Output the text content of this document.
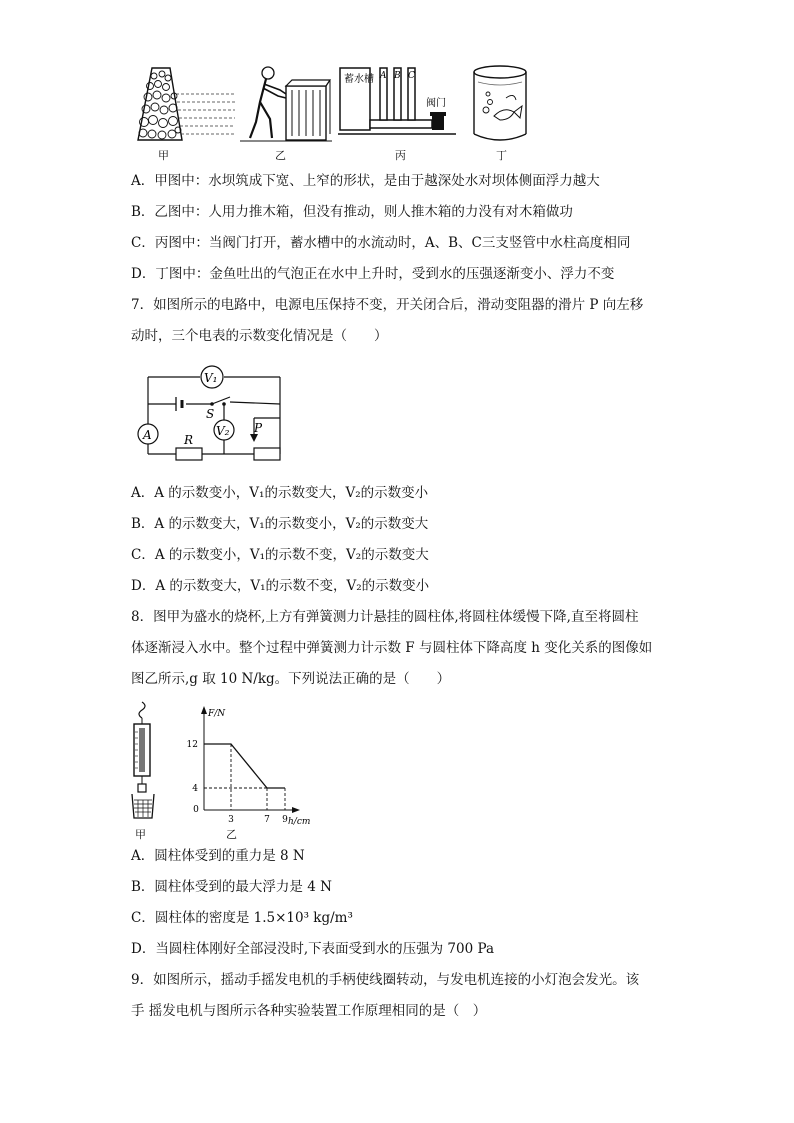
蓄水槽 A B C
阀门
甲	乙	丙	丁
A．甲图中：水坝筑成下宽、上窄的形状，是由于越深处水对坝体侧面浮力越大
B．乙图中：人用力推木箱，但没有推动，则人推木箱的力没有对木箱做功
C．丙图中：当阀门打开，蓄水槽中的水流动时，A、B、C三支竖管中水柱高度相同
D．丁图中：金鱼吐出的气泡正在水中上升时，受到水的压强逐渐变小、浮力不变
7．如图所示的电路中，电源电压保持不变，开关闭合后，滑动变阻器的滑片 P 向左移
动时，三个电表的示数变化情况是（　　）
V₁
A	V₂
S
R
P
A．A 的示数变小，V₁的示数变大，V₂的示数变小
B．A 的示数变大，V₁的示数变小，V₂的示数变大
C．A 的示数变小，V₁的示数不变，V₂的示数变大
D．A 的示数变大，V₁的示数不变，V₂的示数变小
8．图甲为盛水的烧杯,上方有弹簧测力计悬挂的圆柱体,将圆柱体缓慢下降,直至将圆柱
体逐渐浸入水中。整个过程中弹簧测力计示数 F 与圆柱体下降高度 h 变化关系的图像如
图乙所示,g 取 10 N/kg。下列说法正确的是（　　）
甲
F/N
h/cm
0
3	7 9
4
12
乙
A．圆柱体受到的重力是 8 N
B．圆柱体受到的最大浮力是 4 N
C．圆柱体的密度是 1.5×10³ kg/m³
D．当圆柱体刚好全部浸没时,下表面受到水的压强为 700 Pa
9．如图所示，摇动手摇发电机的手柄使线圈转动，与发电机连接的小灯泡会发光。该
手 摇发电机与图所示各种实验装置工作原理相同的是（　）
